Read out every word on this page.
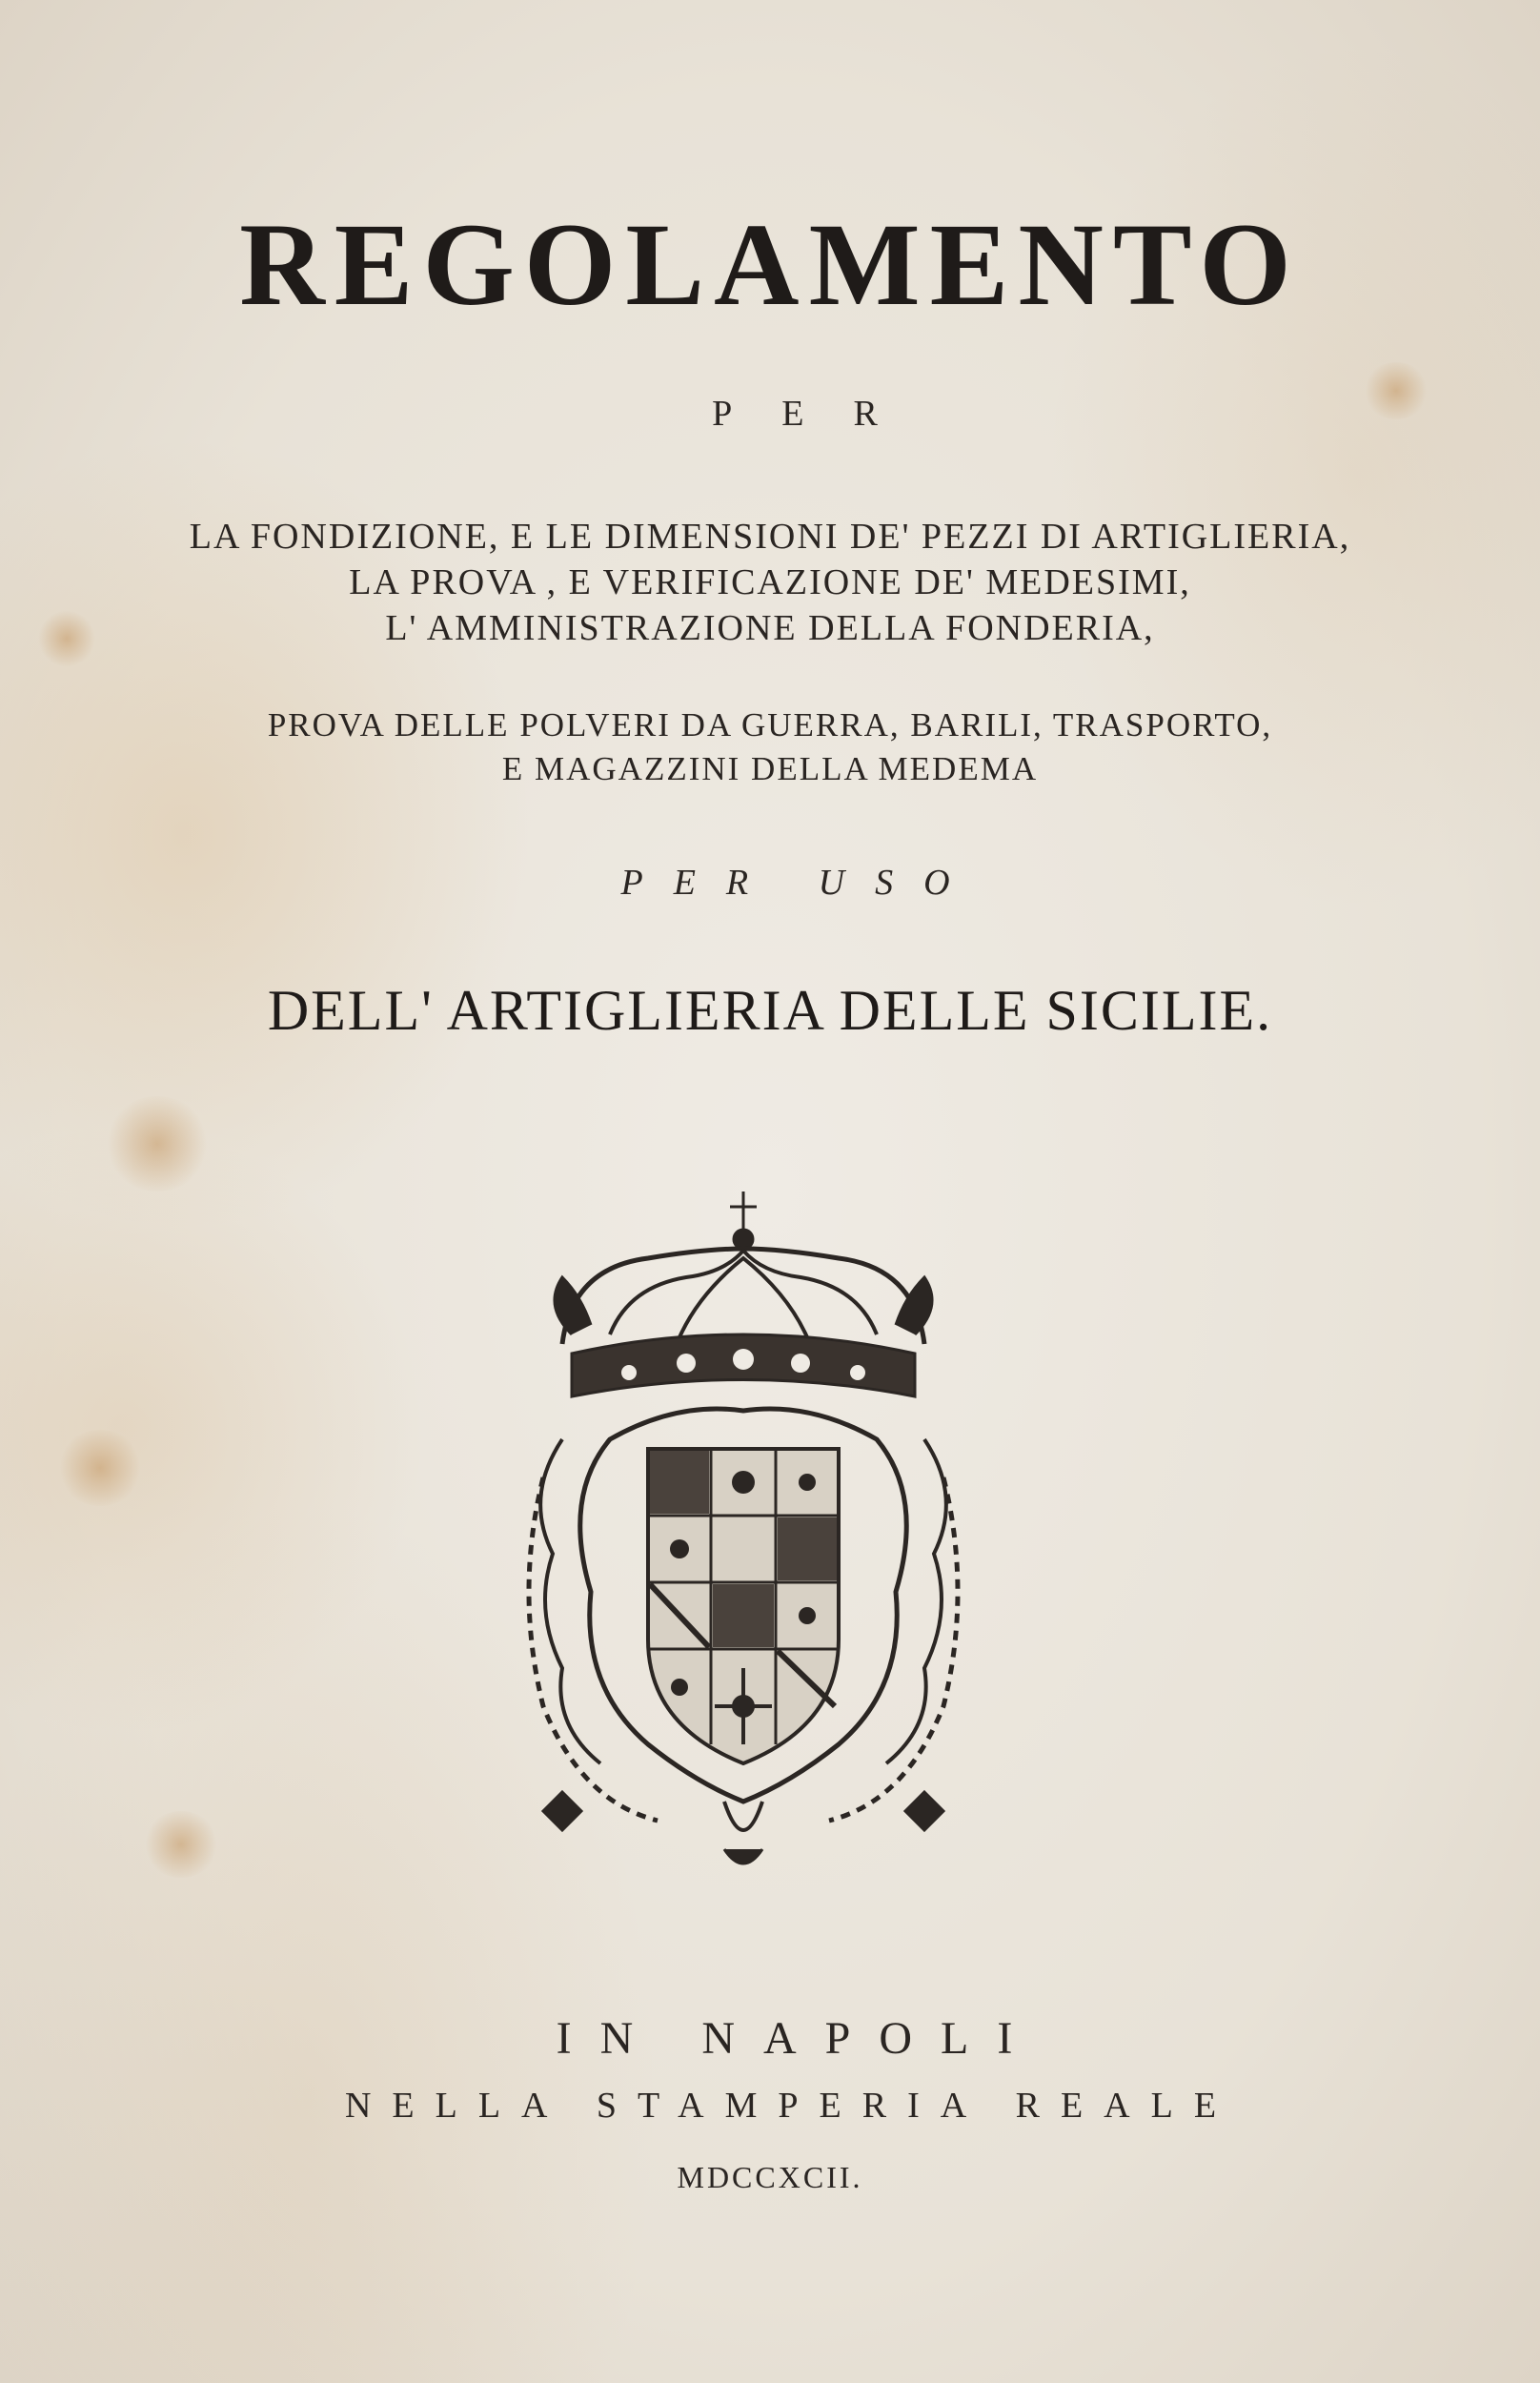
REGOLAMENTO
PER
LA FONDIZIONE, E LE DIMENSIONI DE' PEZZI DI ARTIGLIERIA,
LA PROVA , E VERIFICAZIONE DE' MEDESIMI,
L' AMMINISTRAZIONE DELLA FONDERIA,
PROVA DELLE POLVERI DA GUERRA, BARILI, TRASPORTO,
E MAGAZZINI DELLA MEDEMA
PER USO
DELL' ARTIGLIERIA DELLE SICILIE.
IN NAPOLI
NELLA STAMPERIA REALE
MDCCXCII.
